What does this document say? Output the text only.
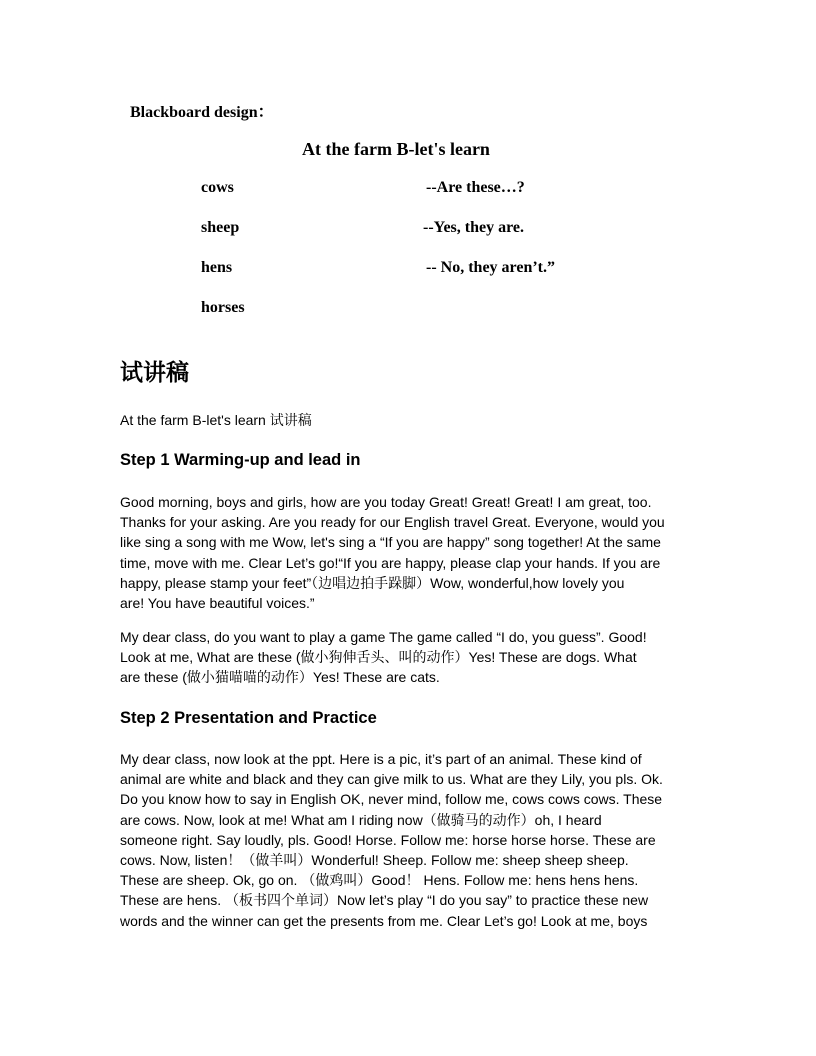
Blackboard design：
At the farm B-let's learn
cows
sheep
hens
horses
--Are these…?
--Yes, they are.
-- No, they aren’t.”
试讲稿
At the farm B-let's learn 试讲稿
Step 1 Warming-up and lead in
Good morning, boys and girls, how are you today Great! Great! Great! I am great, too.
Thanks for your asking. Are you ready for our English travel Great. Everyone, would you
like sing a song with me Wow, let's sing a “If you are happy” song together! At the same
time, move with me. Clear Let’s go!“If you are happy, please clap your hands. If you are
happy, please stamp your feet”（边唱边拍手跺脚）Wow, wonderful,how lovely you
are! You have beautiful voices.”
My dear class, do you want to play a game The game called “I do, you guess”. Good!
Look at me, What are these (做小狗伸舌头、叫的动作）Yes! These are dogs. What
are these (做小猫喵喵的动作）Yes! These are cats.
Step 2 Presentation and Practice
My dear class, now look at the ppt. Here is a pic, it’s part of an animal. These kind of
animal are white and black and they can give milk to us. What are they Lily, you pls. Ok.
Do you know how to say in English OK, never mind, follow me, cows cows cows. These
are cows. Now, look at me! What am I riding now（做骑马的动作）oh, I heard
someone right. Say loudly, pls. Good! Horse. Follow me: horse horse horse. These are
cows. Now, listen！（做羊叫）Wonderful! Sheep. Follow me: sheep sheep sheep.
These are sheep. Ok, go on. （做鸡叫）Good！ Hens. Follow me: hens hens hens.
These are hens. （板书四个单词）Now let’s play “I do you say” to practice these new
words and the winner can get the presents from me. Clear Let’s go! Look at me, boys
